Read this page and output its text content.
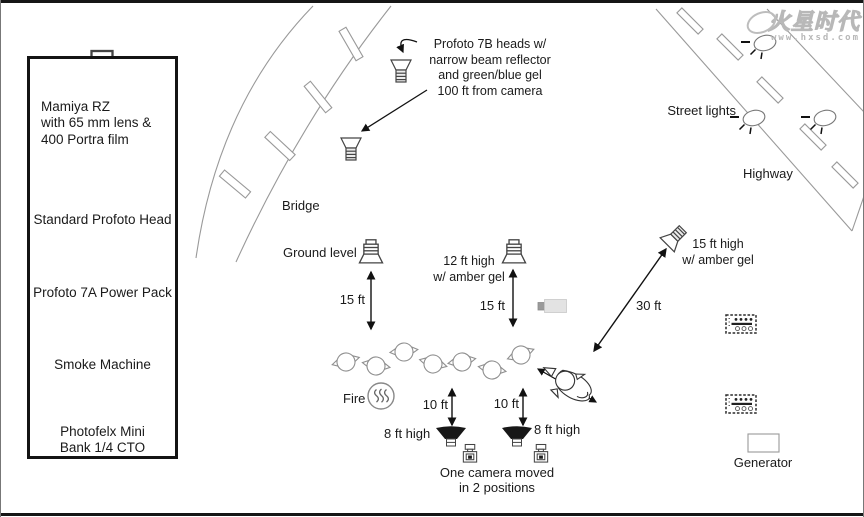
Mamiya RZ
with 65 mm lens &
400 Portra film
Standard Profoto Head
Profoto 7A Power Pack
Smoke Machine
Photofelx Mini
Bank 1/4 CTO
Bridge
Profoto 7B heads w/
narrow beam reflector
and green/blue gel
100 ft from camera
Street lights
Highway
Ground level
15 ft
12 ft high
w/ amber gel
15 ft
15 ft high
w/ amber gel
30 ft
Fire	10 ft	10 ft
8 ft high	8 ft high
One camera moved
in 2 positions
Generator
火星时代
www.hxsd.com
